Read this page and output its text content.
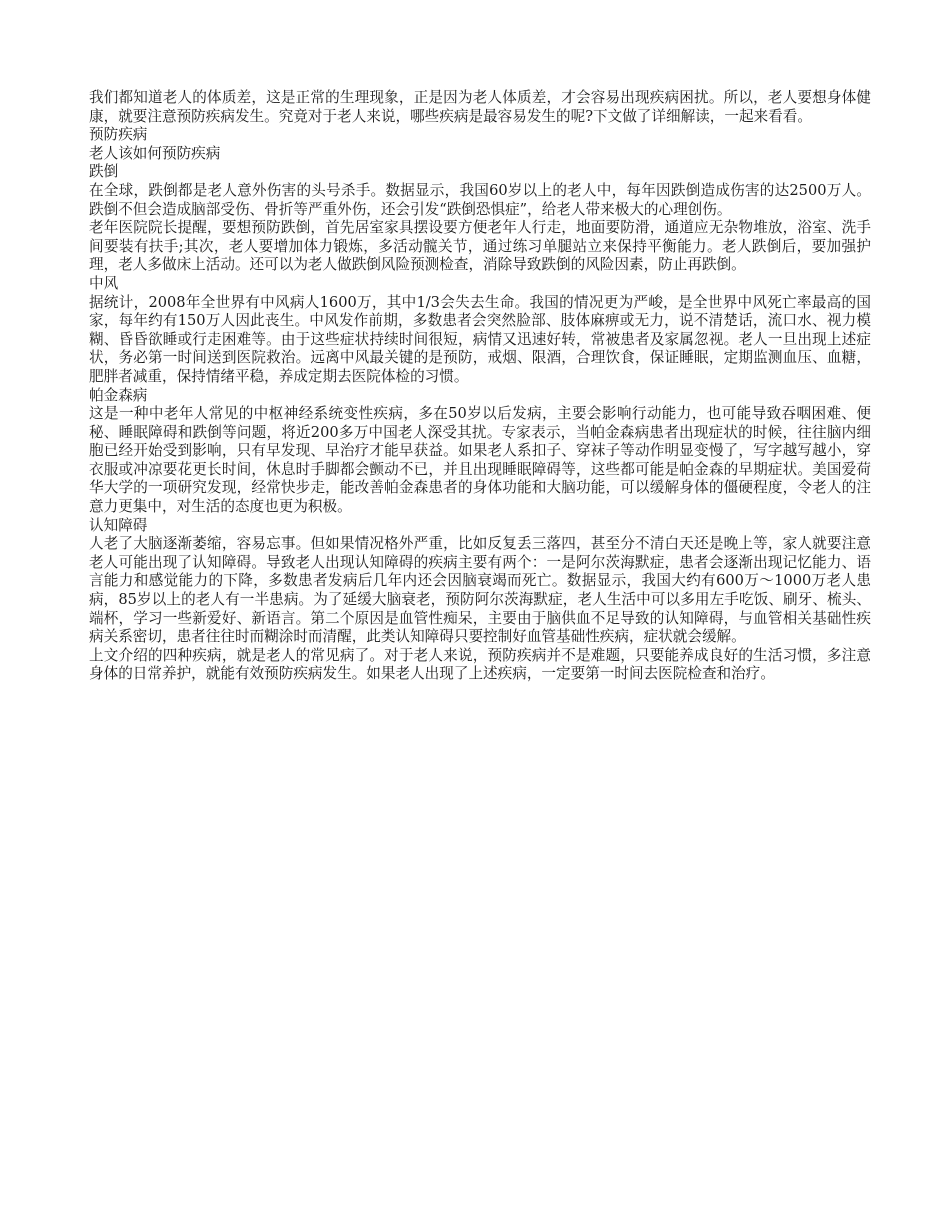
我们都知道老人的体质差，这是正常的生理现象，正是因为老人体质差，才会容易出现疾病困扰。所以，老人要想身体健康，就要注意预防疾病发生。究竟对于老人来说，哪些疾病是最容易发生的呢?下文做了详细解读，一起来看看。

预防疾病

老人该如何预防疾病

跌倒

在全球，跌倒都是老人意外伤害的头号杀手。数据显示，我国60岁以上的老人中，每年因跌倒造成伤害的达2500万人。跌倒不但会造成脑部受伤、骨折等严重外伤，还会引发“跌倒恐惧症”，给老人带来极大的心理创伤。

老年医院院长提醒，要想预防跌倒，首先居室家具摆设要方便老年人行走，地面要防滑，通道应无杂物堆放，浴室、洗手间要装有扶手;其次，老人要增加体力锻炼，多活动髋关节，通过练习单腿站立来保持平衡能力。老人跌倒后，要加强护理，老人多做床上活动。还可以为老人做跌倒风险预测检查，消除导致跌倒的风险因素，防止再跌倒。

中风

据统计，2008年全世界有中风病人1600万，其中1/3会失去生命。我国的情况更为严峻，是全世界中风死亡率最高的国家，每年约有150万人因此丧生。中风发作前期，多数患者会突然脸部、肢体麻痹或无力，说不清楚话，流口水、视力模糊、昏昏欲睡或行走困难等。由于这些症状持续时间很短，病情又迅速好转，常被患者及家属忽视。老人一旦出现上述症状，务必第一时间送到医院救治。远离中风最关键的是预防，戒烟、限酒，合理饮食，保证睡眠，定期监测血压、血糖，肥胖者减重，保持情绪平稳，养成定期去医院体检的习惯。

帕金森病

这是一种中老年人常见的中枢神经系统变性疾病，多在50岁以后发病，主要会影响行动能力，也可能导致吞咽困难、便秘、睡眠障碍和跌倒等问题，将近200多万中国老人深受其扰。专家表示，当帕金森病患者出现症状的时候，往往脑内细胞已经开始受到影响，只有早发现、早治疗才能早获益。如果老人系扣子、穿袜子等动作明显变慢了，写字越写越小，穿衣服或冲凉要花更长时间，休息时手脚都会颤动不已，并且出现睡眠障碍等，这些都可能是帕金森的早期症状。美国爱荷华大学的一项研究发现，经常快步走，能改善帕金森患者的身体功能和大脑功能，可以缓解身体的僵硬程度，令老人的注意力更集中，对生活的态度也更为积极。

认知障碍

人老了大脑逐渐萎缩，容易忘事。但如果情况格外严重，比如反复丢三落四，甚至分不清白天还是晚上等，家人就要注意老人可能出现了认知障碍。导致老人出现认知障碍的疾病主要有两个：一是阿尔茨海默症，患者会逐渐出现记忆能力、语言能力和感觉能力的下降，多数患者发病后几年内还会因脑衰竭而死亡。数据显示，我国大约有600万～1000万老人患病，85岁以上的老人有一半患病。为了延缓大脑衰老，预防阿尔茨海默症，老人生活中可以多用左手吃饭、刷牙、梳头、端杯，学习一些新爱好、新语言。第二个原因是血管性痴呆，主要由于脑供血不足导致的认知障碍，与血管相关基础性疾病关系密切，患者往往时而糊涂时而清醒，此类认知障碍只要控制好血管基础性疾病，症状就会缓解。

上文介绍的四种疾病，就是老人的常见病了。对于老人来说，预防疾病并不是难题，只要能养成良好的生活习惯，多注意身体的日常养护，就能有效预防疾病发生。如果老人出现了上述疾病，一定要第一时间去医院检查和治疗。
